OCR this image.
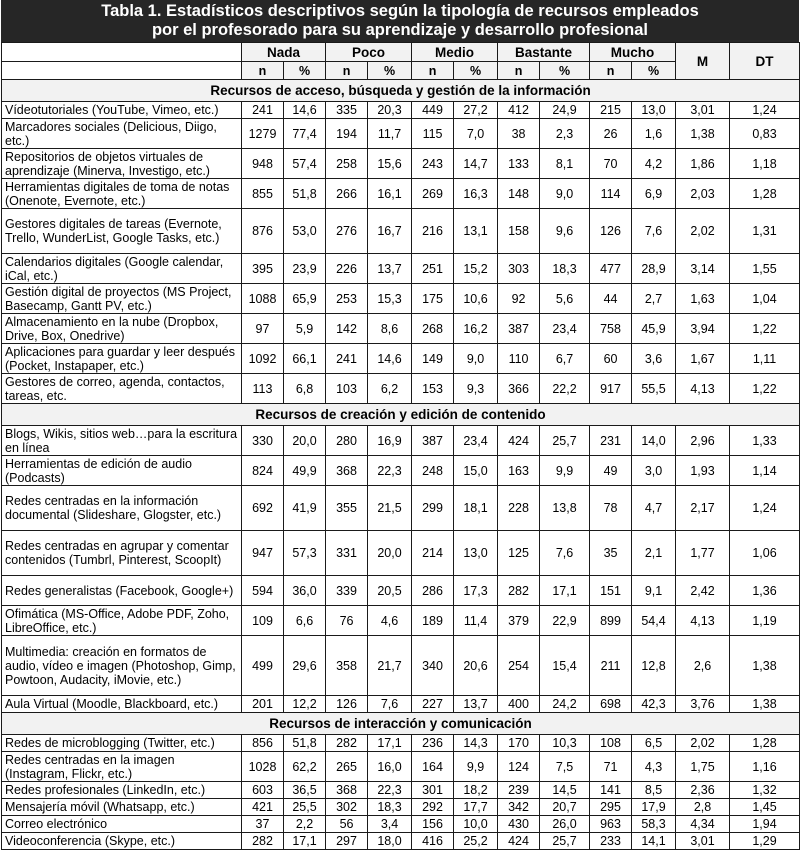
Tabla 1. Estadísticos descriptivos según la tipología de recursos empleados
por el profesorado para su aprendizaje y desarrollo profesional
	Nada		Poco		Medio		Bastante		Mucho		M	DT
	n	%	n	%	n	%	n	%	n	%		
Recursos de acceso, búsqueda y gestión de la información												
Vídeotutoriales (YouTube, Vimeo, etc.)	241	14,6	335	20,3	449	27,2	412	24,9	215	13,0	3,01	1,24
Marcadores sociales (Delicious, Diigo, etc.)	1279	77,4	194	11,7	115	7,0	38	2,3	26	1,6	1,38	0,83
Repositorios de objetos virtuales de aprendizaje (Minerva, Investigo, etc.)	948	57,4	258	15,6	243	14,7	133	8,1	70	4,2	1,86	1,18
Herramientas digitales de toma de notas (Onenote, Evernote, etc.)	855	51,8	266	16,1	269	16,3	148	9,0	114	6,9	2,03	1,28
Gestores digitales de tareas (Evernote, Trello, WunderList, Google Tasks, etc.)	876	53,0	276	16,7	216	13,1	158	9,6	126	7,6	2,02	1,31
Calendarios digitales (Google calendar, iCal, etc.)	395	23,9	226	13,7	251	15,2	303	18,3	477	28,9	3,14	1,55
Gestión digital de proyectos (MS Project, Basecamp, Gantt PV, etc.)	1088	65,9	253	15,3	175	10,6	92	5,6	44	2,7	1,63	1,04
Almacenamiento en la nube (Dropbox, Drive, Box, Onedrive)	97	5,9	142	8,6	268	16,2	387	23,4	758	45,9	3,94	1,22
Aplicaciones para guardar y leer después (Pocket, Instapaper, etc.)	1092	66,1	241	14,6	149	9,0	110	6,7	60	3,6	1,67	1,11
Gestores de correo, agenda, contactos, tareas, etc.	113	6,8	103	6,2	153	9,3	366	22,2	917	55,5	4,13	1,22
Recursos de creación y edición de contenido												
Blogs, Wikis, sitios web…para la escritura en línea	330	20,0	280	16,9	387	23,4	424	25,7	231	14,0	2,96	1,33
Herramientas de edición de audio (Podcasts)	824	49,9	368	22,3	248	15,0	163	9,9	49	3,0	1,93	1,14
Redes centradas en la información documental (Slideshare, Glogster, etc.)	692	41,9	355	21,5	299	18,1	228	13,8	78	4,7	2,17	1,24
Redes centradas en agrupar y comentar contenidos (Tumbrl, Pinterest, ScoopIt)	947	57,3	331	20,0	214	13,0	125	7,6	35	2,1	1,77	1,06
Redes generalistas (Facebook, Google+)	594	36,0	339	20,5	286	17,3	282	17,1	151	9,1	2,42	1,36
Ofimática (MS-Office, Adobe PDF, Zoho, LibreOffice, etc.)	109	6,6	76	4,6	189	11,4	379	22,9	899	54,4	4,13	1,19
Multimedia: creación en formatos de audio, vídeo e imagen (Photoshop, Gimp, Powtoon, Audacity, iMovie, etc.)	499	29,6	358	21,7	340	20,6	254	15,4	211	12,8	2,6	1,38
Aula Virtual (Moodle, Blackboard, etc.)	201	12,2	126	7,6	227	13,7	400	24,2	698	42,3	3,76	1,38
Recursos de interacción y comunicación												
Redes de microblogging (Twitter, etc.)	856	51,8	282	17,1	236	14,3	170	10,3	108	6,5	2,02	1,28
Redes centradas en la imagen (Instagram, Flickr, etc.)	1028	62,2	265	16,0	164	9,9	124	7,5	71	4,3	1,75	1,16
Redes profesionales (LinkedIn, etc.)	603	36,5	368	22,3	301	18,2	239	14,5	141	8,5	2,36	1,32
Mensajería móvil (Whatsapp, etc.)	421	25,5	302	18,3	292	17,7	342	20,7	295	17,9	2,8	1,45
Correo electrónico	37	2,2	56	3,4	156	10,0	430	26,0	963	58,3	4,34	1,94
Videoconferencia (Skype, etc.)	282	17,1	297	18,0	416	25,2	424	25,7	233	14,1	3,01	1,29
